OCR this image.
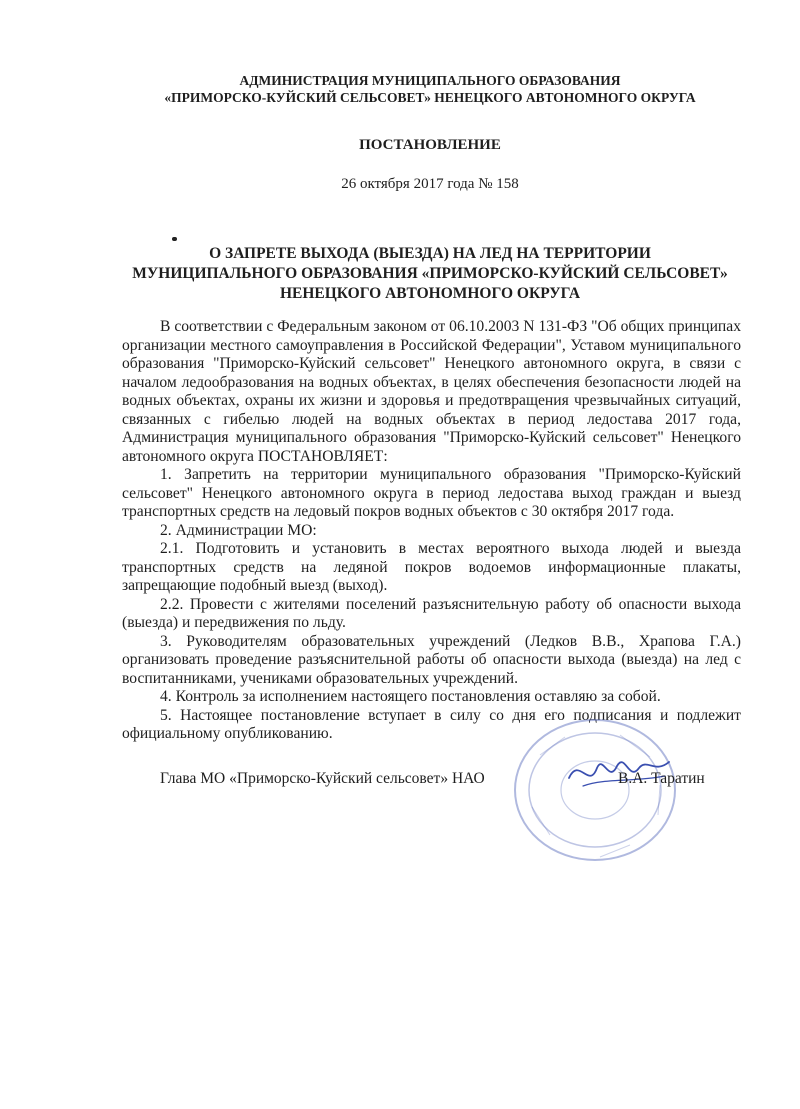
АДМИНИСТРАЦИЯ МУНИЦИПАЛЬНОГО ОБРАЗОВАНИЯ
«ПРИМОРСКО-КУЙСКИЙ СЕЛЬСОВЕТ» НЕНЕЦКОГО АВТОНОМНОГО ОКРУГА
ПОСТАНОВЛЕНИЕ
26 октября 2017 года № 158
О ЗАПРЕТЕ ВЫХОДА (ВЫЕЗДА) НА ЛЕД НА ТЕРРИТОРИИ
МУНИЦИПАЛЬНОГО ОБРАЗОВАНИЯ «ПРИМОРСКО-КУЙСКИЙ СЕЛЬСОВЕТ»
НЕНЕЦКОГО АВТОНОМНОГО ОКРУГА

В соответствии с Федеральным законом от 06.10.2003 N 131-ФЗ "Об общих принципах организации местного самоуправления в Российской Федерации", Уставом муниципального образования "Приморско-Куйский сельсовет" Ненецкого автономного округа, в связи с началом ледообразования на водных объектах, в целях обеспечения безопасности людей на водных объектах, охраны их жизни и здоровья и предотвращения чрезвычайных ситуаций, связанных с гибелью людей на водных объектах в период ледостава 2017 года, Администрация муниципального образования "Приморско-Куйский сельсовет" Ненецкого автономного округа ПОСТАНОВЛЯЕТ:

1. Запретить на территории муниципального образования "Приморско-Куйский сельсовет" Ненецкого автономного округа в период ледостава выход граждан и выезд транспортных средств на ледовый покров водных объектов с 30 октября 2017 года.

2. Администрации МО:

2.1. Подготовить и установить в местах вероятного выхода людей и выезда транспортных средств на ледяной покров водоемов информационные плакаты, запрещающие подобный выезд (выход).

2.2. Провести с жителями поселений разъяснительную работу об опасности выхода (выезда) и передвижения по льду.

3. Руководителям образовательных учреждений (Ледков В.В., Храпова Г.А.) организовать проведение разъяснительной работы об опасности выхода (выезда) на лед с воспитанниками, учениками образовательных учреждений.

4. Контроль за исполнением настоящего постановления оставляю за собой.

5. Настоящее постановление вступает в силу со дня его подписания и подлежит официальному опубликованию.

Глава МО «Приморско-Куйский сельсовет» НАО	В.А. Таратин
